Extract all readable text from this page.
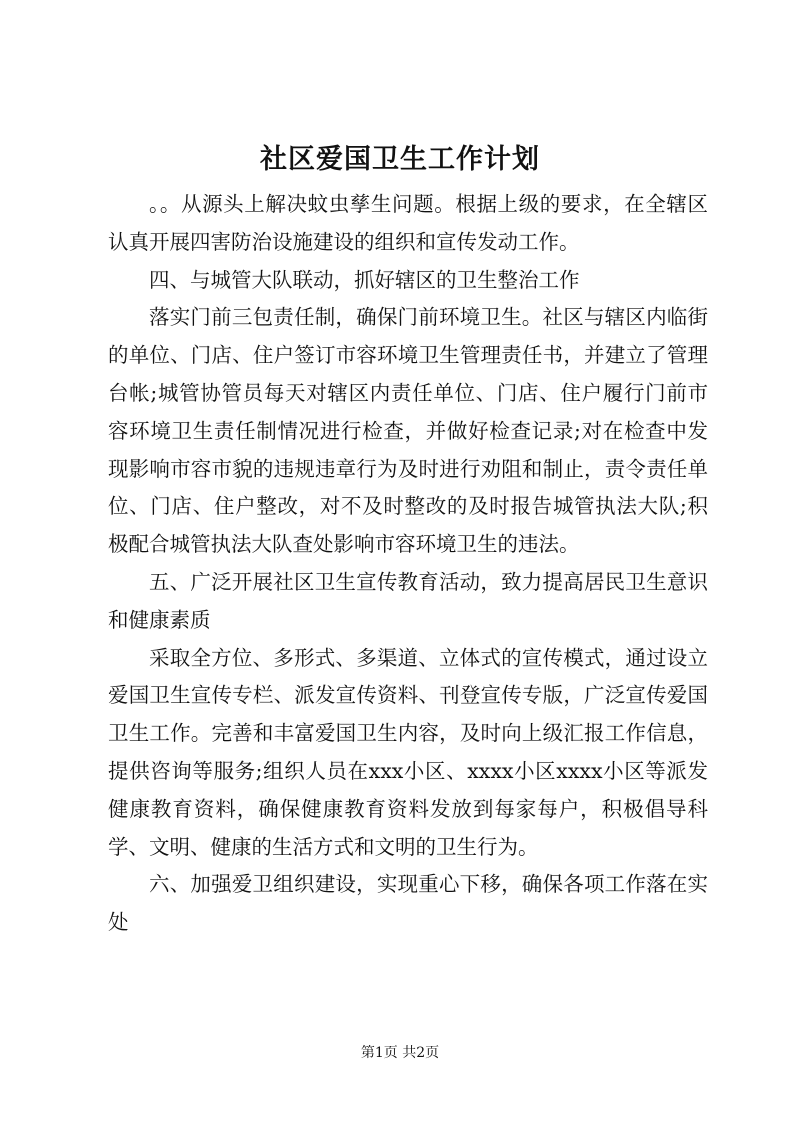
社区爱国卫生工作计划

。。从源头上解决蚊虫孳生问题。根据上级的要求，在全辖区认真开展四害防治设施建设的组织和宣传发动工作。

四、与城管大队联动，抓好辖区的卫生整治工作

落实门前三包责任制，确保门前环境卫生。社区与辖区内临街的单位、门店、住户签订市容环境卫生管理责任书，并建立了管理台帐;城管协管员每天对辖区内责任单位、门店、住户履行门前市容环境卫生责任制情况进行检查，并做好检查记录;对在检查中发现影响市容市貌的违规违章行为及时进行劝阻和制止，责令责任单位、门店、住户整改，对不及时整改的及时报告城管执法大队;积极配合城管执法大队查处影响市容环境卫生的违法。

五、广泛开展社区卫生宣传教育活动，致力提高居民卫生意识和健康素质

采取全方位、多形式、多渠道、立体式的宣传模式，通过设立爱国卫生宣传专栏、派发宣传资料、刊登宣传专版，广泛宣传爱国卫生工作。完善和丰富爱国卫生内容，及时向上级汇报工作信息，提供咨询等服务;组织人员在xxx小区、xxxx小区xxxx小区等派发健康教育资料，确保健康教育资料发放到每家每户，积极倡导科学、文明、健康的生活方式和文明的卫生行为。

六、加强爱卫组织建设，实现重心下移，确保各项工作落在实处

第1页 共2页
